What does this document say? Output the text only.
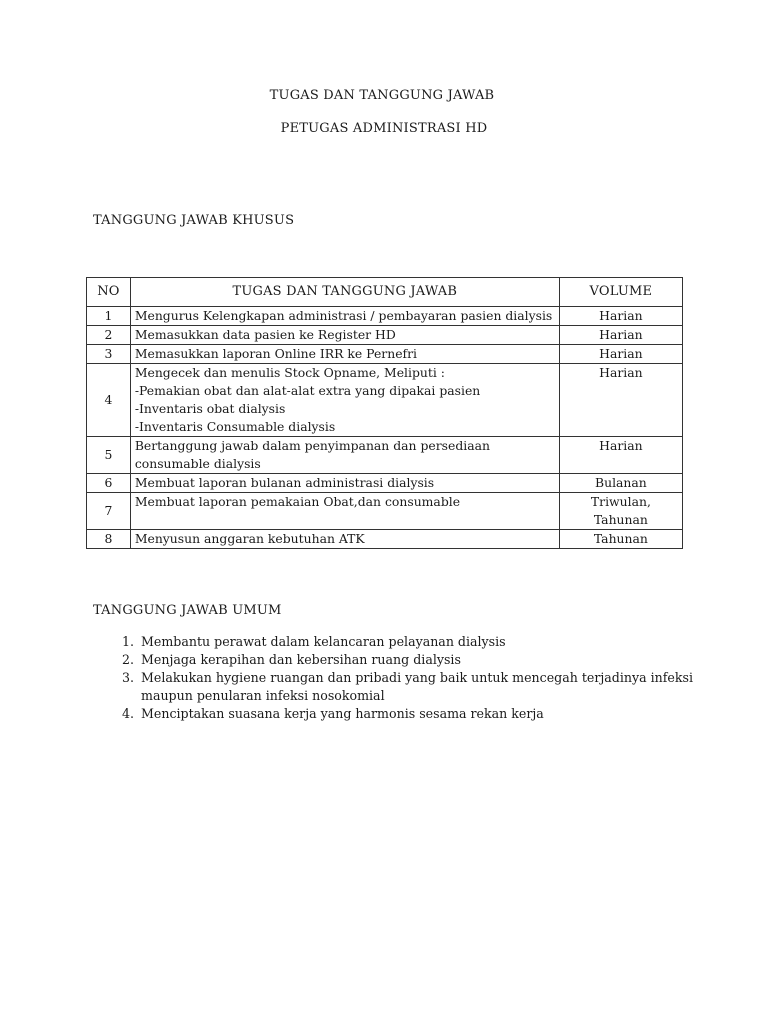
TUGAS DAN TANGGUNG JAWAB
PETUGAS ADMINISTRASI HD
TANGGUNG JAWAB KHUSUS
NO	TUGAS DAN TANGGUNG JAWAB	VOLUME
1	Mengurus Kelengkapan administrasi / pembayaran pasien dialysis	Harian

2	Memasukkan data pasien ke Register HD	Harian

3	Memasukkan laporan Online IRR ke Pernefri	Harian

4	Mengecek dan menulis Stock Opname, Meliputi :
-Pemakian obat dan alat-alat extra yang dipakai pasien
-Inventaris obat dialysis
-Inventaris Consumable dialysis	Harian

5	Bertanggung jawab dalam penyimpanan dan persediaan
consumable dialysis	Harian

6	Membuat laporan bulanan administrasi dialysis	Bulanan

7	Membuat laporan pemakaian Obat,dan consumable	Triwulan,
Tahunan

8	Menyusun anggaran kebutuhan ATK	Tahunan
TANGGUNG JAWAB UMUM
1. Membantu perawat dalam kelancaran pelayanan dialysis
2. Menjaga kerapihan dan kebersihan ruang dialysis
3. Melakukan hygiene ruangan dan pribadi yang baik untuk mencegah terjadinya infeksi maupun penularan infeksi nosokomial
4. Menciptakan suasana kerja yang harmonis sesama rekan kerja
